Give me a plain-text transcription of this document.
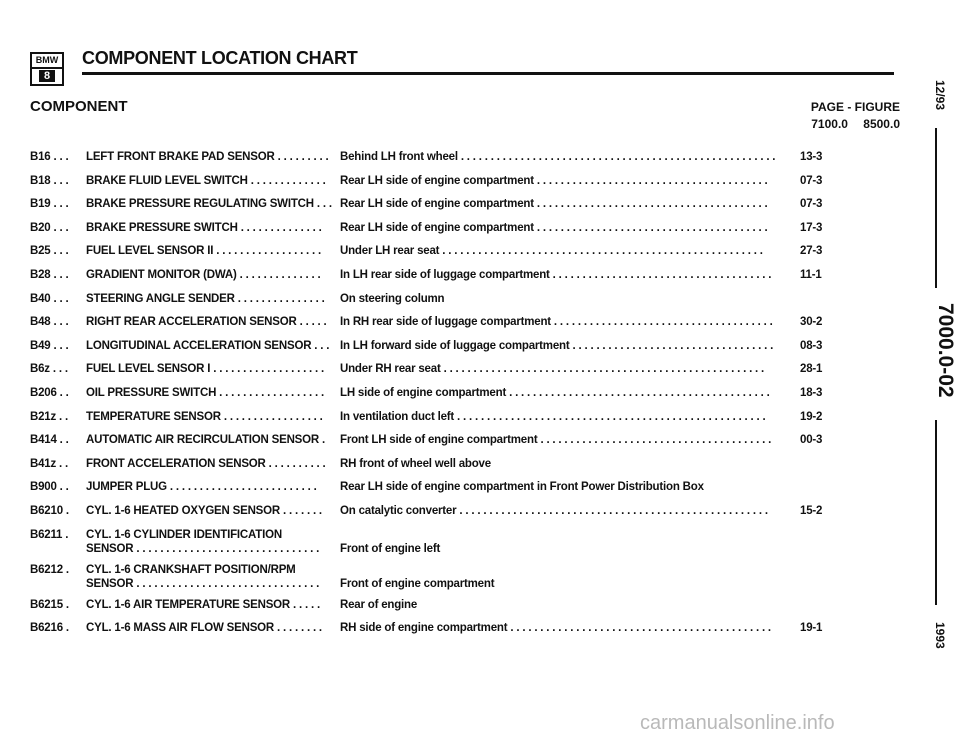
BMW
8
COMPONENT LOCATION CHART
COMPONENT	PAGE - FIGURE
7100.0 8500.0
B16 . . .	LEFT FRONT BRAKE PAD SENSOR . . . . . . . . . Behind LH front wheel . . . . . . . . . . . . . . . . . . . . . . . . . . . . . . . . . . . . . . . . . . . . . . . . . . . . .	13-3
B18 . . .	BRAKE FLUID LEVEL SWITCH . . . . . . . . . . . . .	Rear LH side of engine compartment . . . . . . . . . . . . . . . . . . . . . . . . . . . . . . . . . . . . . . .	07-3
B19 . . .	BRAKE PRESSURE REGULATING SWITCH . . . Rear LH side of engine compartment . . . . . . . . . . . . . . . . . . . . . . . . . . . . . . . . . . . . . . .	07-3
B20 . . .	BRAKE PRESSURE SWITCH . . . . . . . . . . . . . .	Rear LH side of engine compartment . . . . . . . . . . . . . . . . . . . . . . . . . . . . . . . . . . . . . . .	17-3
B25 . . .	FUEL LEVEL SENSOR II . . . . . . . . . . . . . . . . . .	Under LH rear seat . . . . . . . . . . . . . . . . . . . . . . . . . . . . . . . . . . . . . . . . . . . . . . . . . . . . . .	27-3
B28 . . .	GRADIENT MONITOR (DWA) . . . . . . . . . . . . . .	In LH rear side of luggage compartment . . . . . . . . . . . . . . . . . . . . . . . . . . . . . . . . . . . . .	11-1
B40 . . .	STEERING ANGLE SENDER . . . . . . . . . . . . . . .	On steering column
B48 . . .	RIGHT REAR ACCELERATION SENSOR . . . . .	In RH rear side of luggage compartment . . . . . . . . . . . . . . . . . . . . . . . . . . . . . . . . . . . . .	30-2
B49 . . .	LONGITUDINAL ACCELERATION SENSOR . . . In LH forward side of luggage compartment . . . . . . . . . . . . . . . . . . . . . . . . . . . . . . . . . .	08-3
B6z . . .	FUEL LEVEL SENSOR I . . . . . . . . . . . . . . . . . . .	Under RH rear seat . . . . . . . . . . . . . . . . . . . . . . . . . . . . . . . . . . . . . . . . . . . . . . . . . . . . . .	28-1
B206 . .	OIL PRESSURE SWITCH . . . . . . . . . . . . . . . . . .	LH side of engine compartment . . . . . . . . . . . . . . . . . . . . . . . . . . . . . . . . . . . . . . . . . . . .	18-3
B21z . .	TEMPERATURE SENSOR . . . . . . . . . . . . . . . . .	In ventilation duct left . . . . . . . . . . . . . . . . . . . . . . . . . . . . . . . . . . . . . . . . . . . . . . . . . . . .	19-2
B414 . .	AUTOMATIC AIR RECIRCULATION SENSOR .	Front LH side of engine compartment . . . . . . . . . . . . . . . . . . . . . . . . . . . . . . . . . . . . . . .	00-3
B41z . .	FRONT ACCELERATION SENSOR . . . . . . . . . .	RH front of wheel well above
B900 . .	JUMPER PLUG . . . . . . . . . . . . . . . . . . . . . . . . .	Rear LH side of engine compartment in Front Power Distribution Box
B6210 .	CYL. 1-6 HEATED OXYGEN SENSOR . . . . . . .	On catalytic converter . . . . . . . . . . . . . . . . . . . . . . . . . . . . . . . . . . . . . . . . . . . . . . . . . . . .	15-2
B6211 .	CYL. 1-6 CYLINDER IDENTIFICATION
SENSOR . . . . . . . . . . . . . . . . . . . . . . . . . . . . . . . Front of engine left
B6212 .	CYL. 1-6 CRANKSHAFT POSITION/RPM
SENSOR . . . . . . . . . . . . . . . . . . . . . . . . . . . . . . . Front of engine compartment
B6215 .	CYL. 1-6 AIR TEMPERATURE SENSOR . . . . .	Rear of engine
B6216 .	CYL. 1-6 MASS AIR FLOW SENSOR . . . . . . . .	RH side of engine compartment . . . . . . . . . . . . . . . . . . . . . . . . . . . . . . . . . . . . . . . . . . . .	19-1
12/93
7000.0-02
1993
carmanualsonline.info
